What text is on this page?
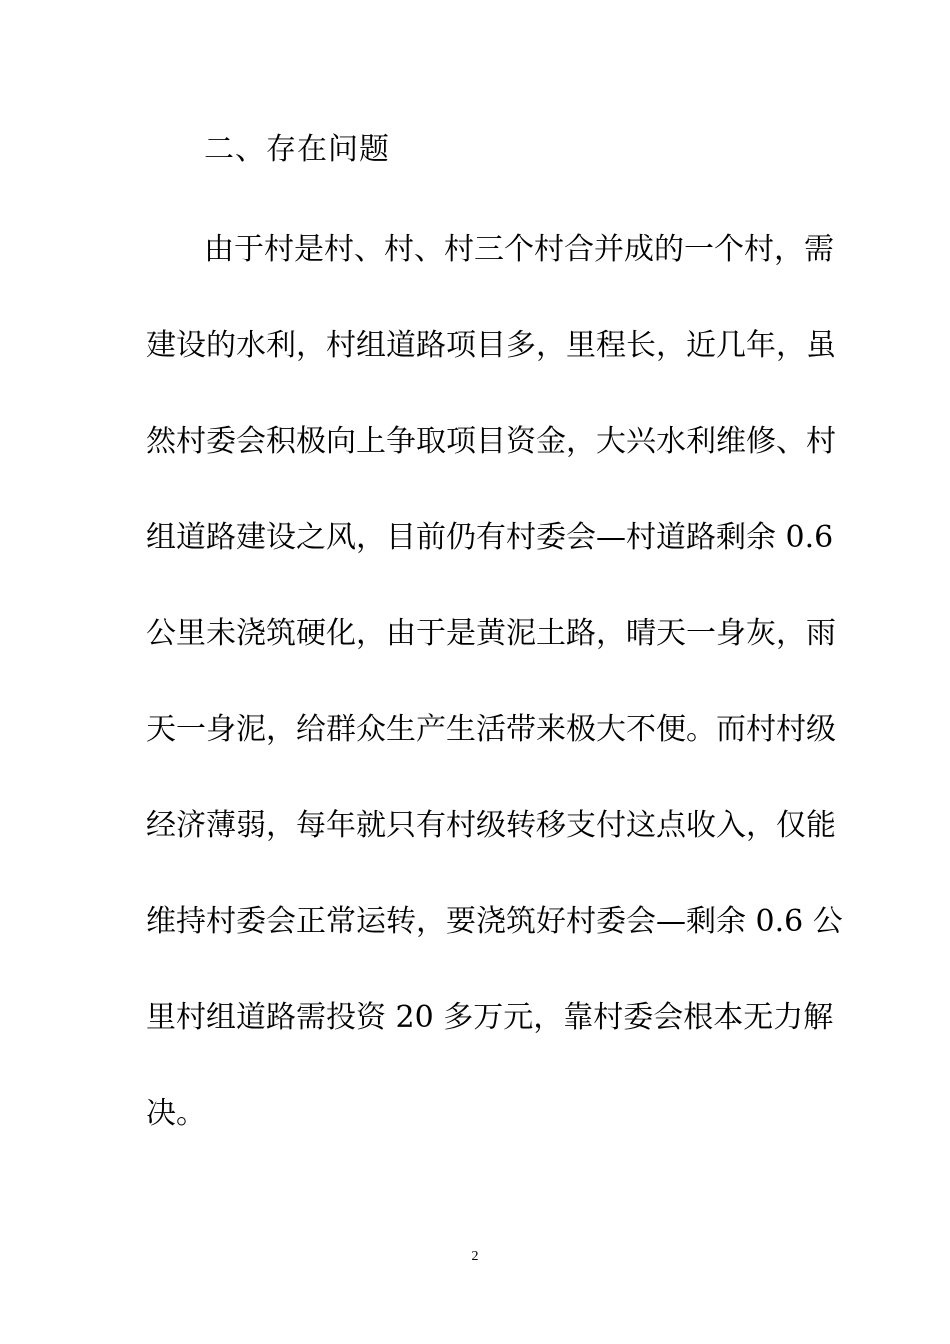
二、存在问题
由于村是村、村、村三个村合并成的一个村，需
建设的水利，村组道路项目多，里程长，近几年，虽
然村委会积极向上争取项目资金，大兴水利维修、村
组道路建设之风，目前仍有村委会—村道路剩余 0.6
公里未浇筑硬化，由于是黄泥土路，晴天一身灰，雨
天一身泥，给群众生产生活带来极大不便。而村村级
经济薄弱，每年就只有村级转移支付这点收入，仅能
维持村委会正常运转，要浇筑好村委会—剩余 0.6 公
里村组道路需投资 20 多万元，靠村委会根本无力解
决。
2
